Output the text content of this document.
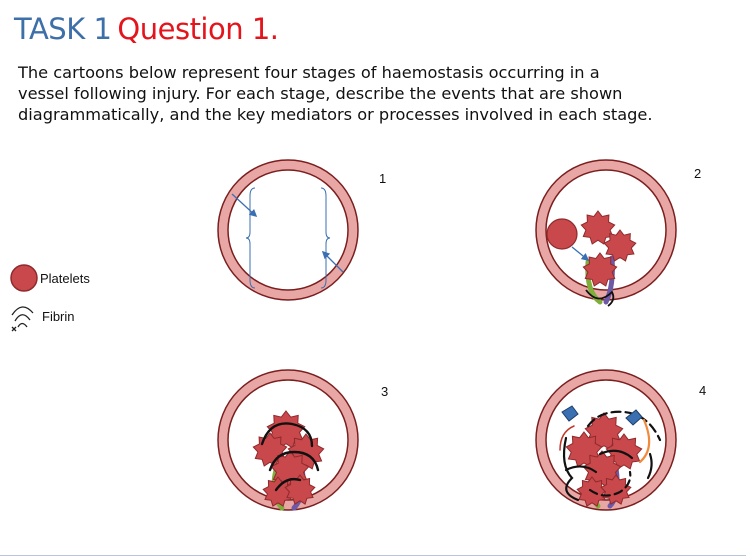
TASK 1 Question 1.
The cartoons below represent four stages of haemostasis occurring in a
vessel following injury. For each stage, describe the events that are shown
diagrammatically, and the key mediators or processes involved in each stage.
Platelets
Fibrin
1	2
3	4
